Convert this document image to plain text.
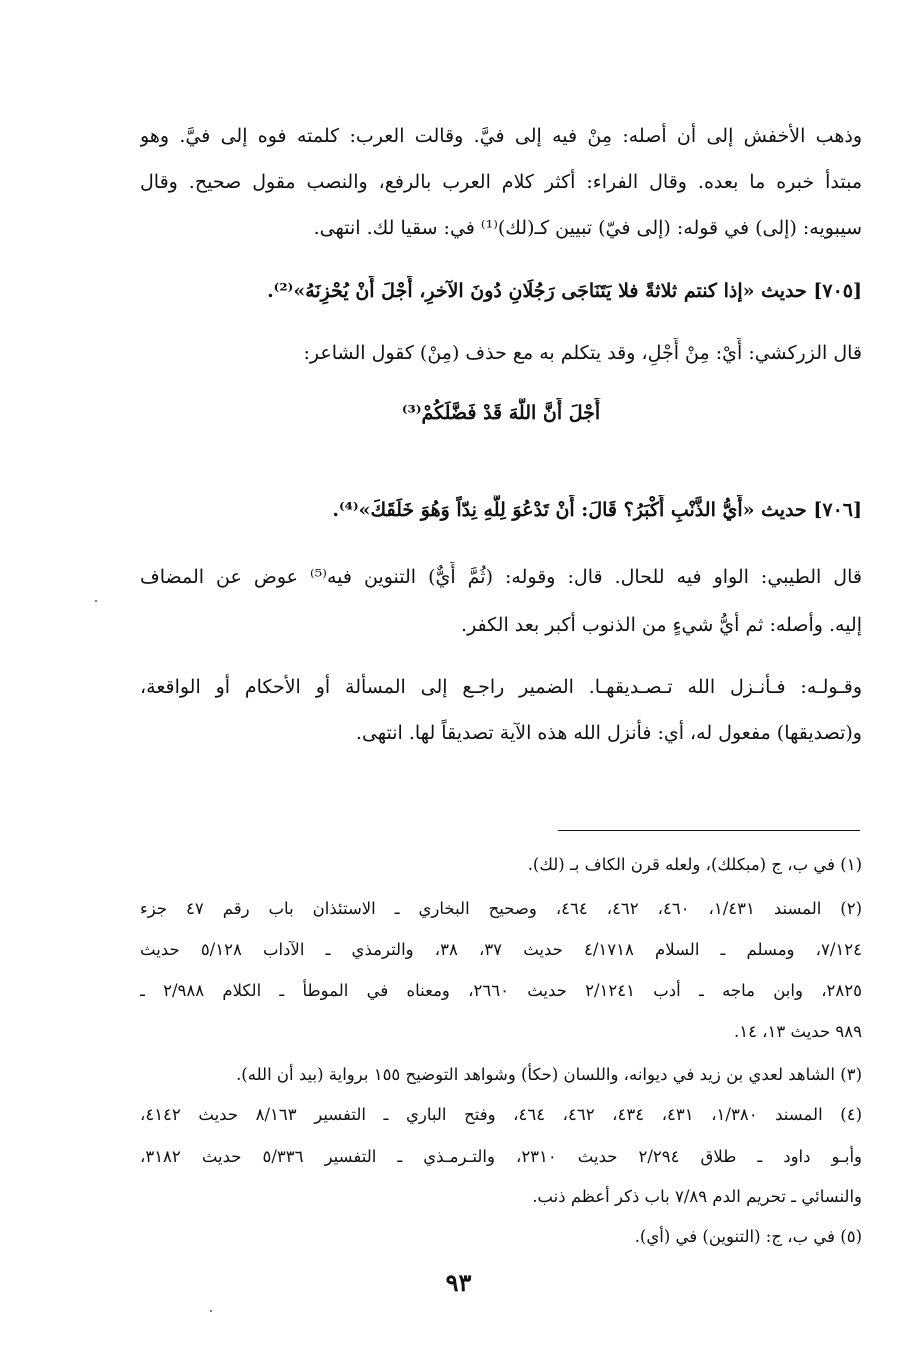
وذهب الأخفش إلى أن أصله: مِنْ فيه إلى فيَّ. وقالت العرب: كلمته فوه إلى فيَّ. وهو
مبتدأ خبره ما بعده. وقال الفراء: أكثر كلام العرب بالرفع، والنصب مقول صحيح. وقال
سيبويه: (إلى) في قوله: (إلى فيّ) تبيين كـ(لك)⁽¹⁾ في: سقيا لك. انتهى.
[٧٠٥] حديث «إذا كنتم ثلاثةً فلا يَتَنَاجَى رَجُلَانِ دُونَ الآخرِ، أَجْلَ أَنْ يُحْزِنَهُ»⁽²⁾.
قال الزركشي: أَيْ: مِنْ أَجْلِ، وقد يتكلم به مع حذف (مِنْ) كقول الشاعر:
أَجْلَ أَنَّ اللَّهَ قَدْ فَضَّلَكُمْ⁽³⁾
[٧٠٦] حديث «أَيُّ الذَّنْبِ أَكْبَرُ؟ قَالَ: أَنْ تَدْعُوَ لِلَّهِ نِدّاً وَهُوَ خَلَقَكَ»⁽⁴⁾.
قال الطيبي: الواو فيه للحال. قال: وقوله: (ثُمَّ أَيٌّ) التنوين فيه⁽⁵⁾ عوض عن المضاف
إليه. وأصله: ثم أيُّ شيءٍ من الذنوب أكبر بعد الكفر.
وقـولـه: فـأنـزل الله تـصـديقهـا. الضمير راجـع إلى المسألة أو الأحكام أو الواقعة،
و(تصديقها) مفعول له، أي: فأنزل الله هذه الآية تصديقاً لها. انتهى.
(١) في ب، ج (مبكلك)، ولعله قرن الكاف بـ (لك).
(٢) المسند ١/٤٣١، ٤٦٠، ٤٦٢، ٤٦٤، وصحيح البخاري ـ الاستئذان باب رقم ٤٧ جزء
٧/١٢٤، ومسلم ـ السلام ٤/١٧١٨ حديث ٣٧، ٣٨، والترمذي ـ الآداب ٥/١٢٨ حديث
٢٨٢٥، وابن ماجه ـ أدب ٢/١٢٤١ حديث ٢٦٦٠، ومعناه في الموطأ ـ الكلام ٢/٩٨٨ ـ
٩٨٩ حديث ١٣، ١٤.
(٣) الشاهد لعدي بن زيد في ديوانه، واللسان (حكأ) وشواهد التوضيح ١٥٥ برواية (بيد أن الله).
(٤) المسند ١/٣٨٠، ٤٣١، ٤٣٤، ٤٦٢، ٤٦٤، وفتح الباري ـ التفسير ٨/١٦٣ حديث ٤١٤٢،
وأبـو داود ـ طلاق ٢/٢٩٤ حديث ٢٣١٠، والتـرمـذي ـ التفسير ٥/٣٣٦ حديث ٣١٨٢،
والنسائي ـ تحريم الدم ٧/٨٩ باب ذكر أعظم ذنب.
(٥) في ب، ج: (التنوين) في (أي).
٩٣
